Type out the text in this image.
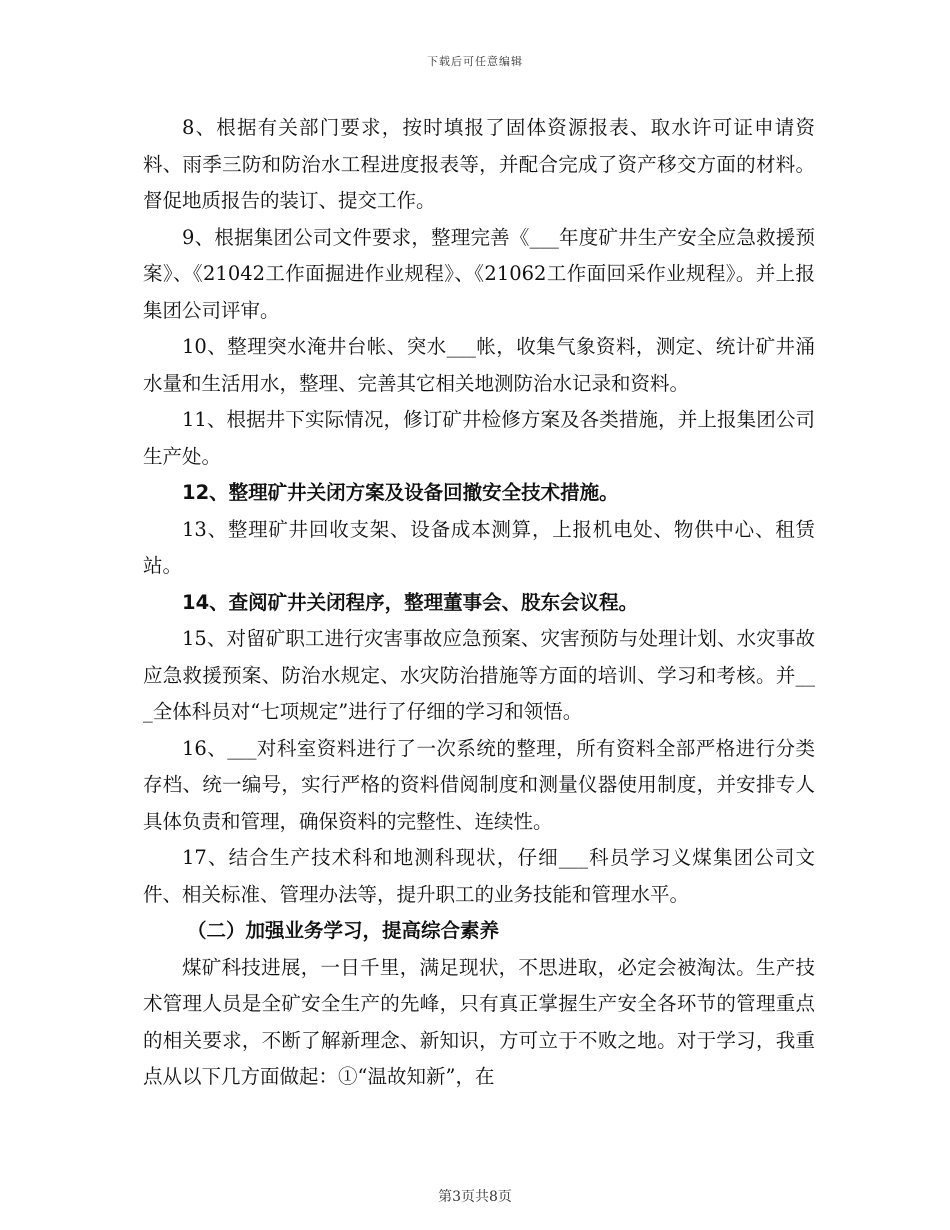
下载后可任意编辑

8、根据有关部门要求，按时填报了固体资源报表、取水许可证申请资料、雨季三防和防治水工程进度报表等，并配合完成了资产移交方面的材料。督促地质报告的装订、提交工作。

9、根据集团公司文件要求，整理完善《___年度矿井生产安全应急救援预案》、《21042工作面掘进作业规程》、《21062工作面回采作业规程》。并上报集团公司评审。

10、整理突水淹井台帐、突水___帐，收集气象资料，测定、统计矿井涌水量和生活用水，整理、完善其它相关地测防治水记录和资料。

11、根据井下实际情况，修订矿井检修方案及各类措施，并上报集团公司生产处。

12、整理矿井关闭方案及设备回撤安全技术措施。

13、整理矿井回收支架、设备成本测算，上报机电处、物供中心、租赁站。

14、查阅矿井关闭程序，整理董事会、股东会议程。

15、对留矿职工进行灾害事故应急预案、灾害预防与处理计划、水灾事故应急救援预案、防治水规定、水灾防治措施等方面的培训、学习和考核。并___全体科员对“七项规定”进行了仔细的学习和领悟。

16、___对科室资料进行了一次系统的整理，所有资料全部严格进行分类存档、统一编号，实行严格的资料借阅制度和测量仪器使用制度，并安排专人具体负责和管理，确保资料的完整性、连续性。

17、结合生产技术科和地测科现状，仔细___科员学习义煤集团公司文件、相关标准、管理办法等，提升职工的业务技能和管理水平。

（二）加强业务学习，提高综合素养

煤矿科技进展，一日千里，满足现状，不思进取，必定会被淘汰。生产技术管理人员是全矿安全生产的先峰，只有真正掌握生产安全各环节的管理重点的相关要求，不断了解新理念、新知识，方可立于不败之地。对于学习，我重点从以下几方面做起：①“温故知新”，在

第3页共8页
